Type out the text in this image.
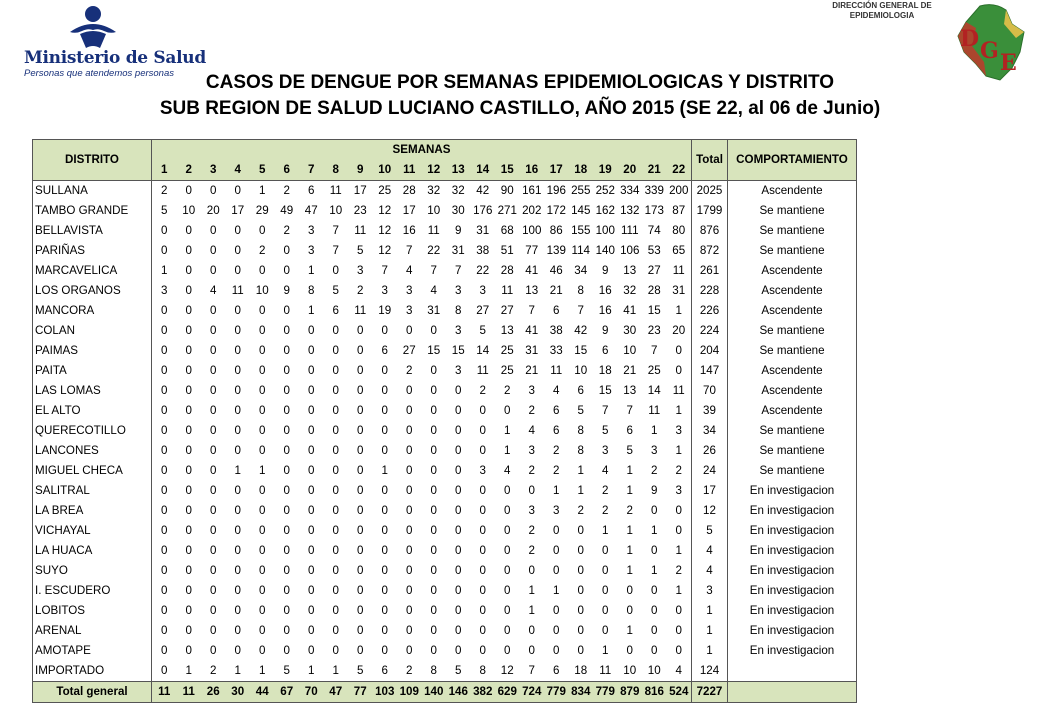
Ministerio de Salud
Personas que atendemos personas
DIRECCIÓN GENERAL DE
EPIDEMIOLOGIA
D G E
CASOS DE DENGUE POR SEMANAS EPIDEMIOLOGICAS Y DISTRITO
SUB REGION DE SALUD LUCIANO CASTILLO, AÑO 2015 (SE 22, al 06 de Junio)
DISTRITO	SEMANAS																						Total	COMPORTAMIENTO
	1	2	3	4	5	6	7	8	9	10	11	12	13	14	15	16	17	18	19	20	21	22		
SULLANA	2	0	0	0	1	2	6	11	17	25	28	32	32	42	90	161	196	255	252	334	339	200	2025	Ascendente
TAMBO GRANDE	5	10	20	17	29	49	47	10	23	12	17	10	30	176	271	202	172	145	162	132	173	87	1799	Se mantiene
BELLAVISTA	0	0	0	0	0	2	3	7	11	12	16	11	9	31	68	100	86	155	100	111	74	80	876	Se mantiene
PARIÑAS	0	0	0	0	2	0	3	7	5	12	7	22	31	38	51	77	139	114	140	106	53	65	872	Se mantiene
MARCAVELICA	1	0	0	0	0	0	1	0	3	7	4	7	7	22	28	41	46	34	9	13	27	11	261	Ascendente
LOS ORGANOS	3	0	4	11	10	9	8	5	2	3	3	4	3	3	11	13	21	8	16	32	28	31	228	Ascendente
MANCORA	0	0	0	0	0	0	1	6	11	19	3	31	8	27	27	7	6	7	16	41	15	1	226	Ascendente
COLAN	0	0	0	0	0	0	0	0	0	0	0	0	3	5	13	41	38	42	9	30	23	20	224	Se mantiene
PAIMAS	0	0	0	0	0	0	0	0	0	6	27	15	15	14	25	31	33	15	6	10	7	0	204	Se mantiene
PAITA	0	0	0	0	0	0	0	0	0	0	2	0	3	11	25	21	11	10	18	21	25	0	147	Ascendente
LAS LOMAS	0	0	0	0	0	0	0	0	0	0	0	0	0	2	2	3	4	6	15	13	14	11	70	Ascendente
EL ALTO	0	0	0	0	0	0	0	0	0	0	0	0	0	0	0	2	6	5	7	7	11	1	39	Ascendente
QUERECOTILLO	0	0	0	0	0	0	0	0	0	0	0	0	0	0	1	4	6	8	5	6	1	3	34	Se mantiene
LANCONES	0	0	0	0	0	0	0	0	0	0	0	0	0	0	1	3	2	8	3	5	3	1	26	Se mantiene
MIGUEL CHECA	0	0	0	1	1	0	0	0	0	1	0	0	0	3	4	2	2	1	4	1	2	2	24	Se mantiene
SALITRAL	0	0	0	0	0	0	0	0	0	0	0	0	0	0	0	0	1	1	2	1	9	3	17	En investigacion
LA BREA	0	0	0	0	0	0	0	0	0	0	0	0	0	0	0	3	3	2	2	2	0	0	12	En investigacion
VICHAYAL	0	0	0	0	0	0	0	0	0	0	0	0	0	0	0	2	0	0	1	1	1	0	5	En investigacion
LA HUACA	0	0	0	0	0	0	0	0	0	0	0	0	0	0	0	2	0	0	0	1	0	1	4	En investigacion
SUYO	0	0	0	0	0	0	0	0	0	0	0	0	0	0	0	0	0	0	0	1	1	2	4	En investigacion
I. ESCUDERO	0	0	0	0	0	0	0	0	0	0	0	0	0	0	0	1	1	0	0	0	0	1	3	En investigacion
LOBITOS	0	0	0	0	0	0	0	0	0	0	0	0	0	0	0	1	0	0	0	0	0	0	1	En investigacion
ARENAL	0	0	0	0	0	0	0	0	0	0	0	0	0	0	0	0	0	0	0	1	0	0	1	En investigacion
AMOTAPE	0	0	0	0	0	0	0	0	0	0	0	0	0	0	0	0	0	0	1	0	0	0	1	En investigacion
IMPORTADO	0	1	2	1	1	5	1	1	5	6	2	8	5	8	12	7	6	18	11	10	10	4	124	
Total general	11	11	26	30	44	67	70	47	77	103	109	140	146	382	629	724	779	834	779	879	816	524	7227	
